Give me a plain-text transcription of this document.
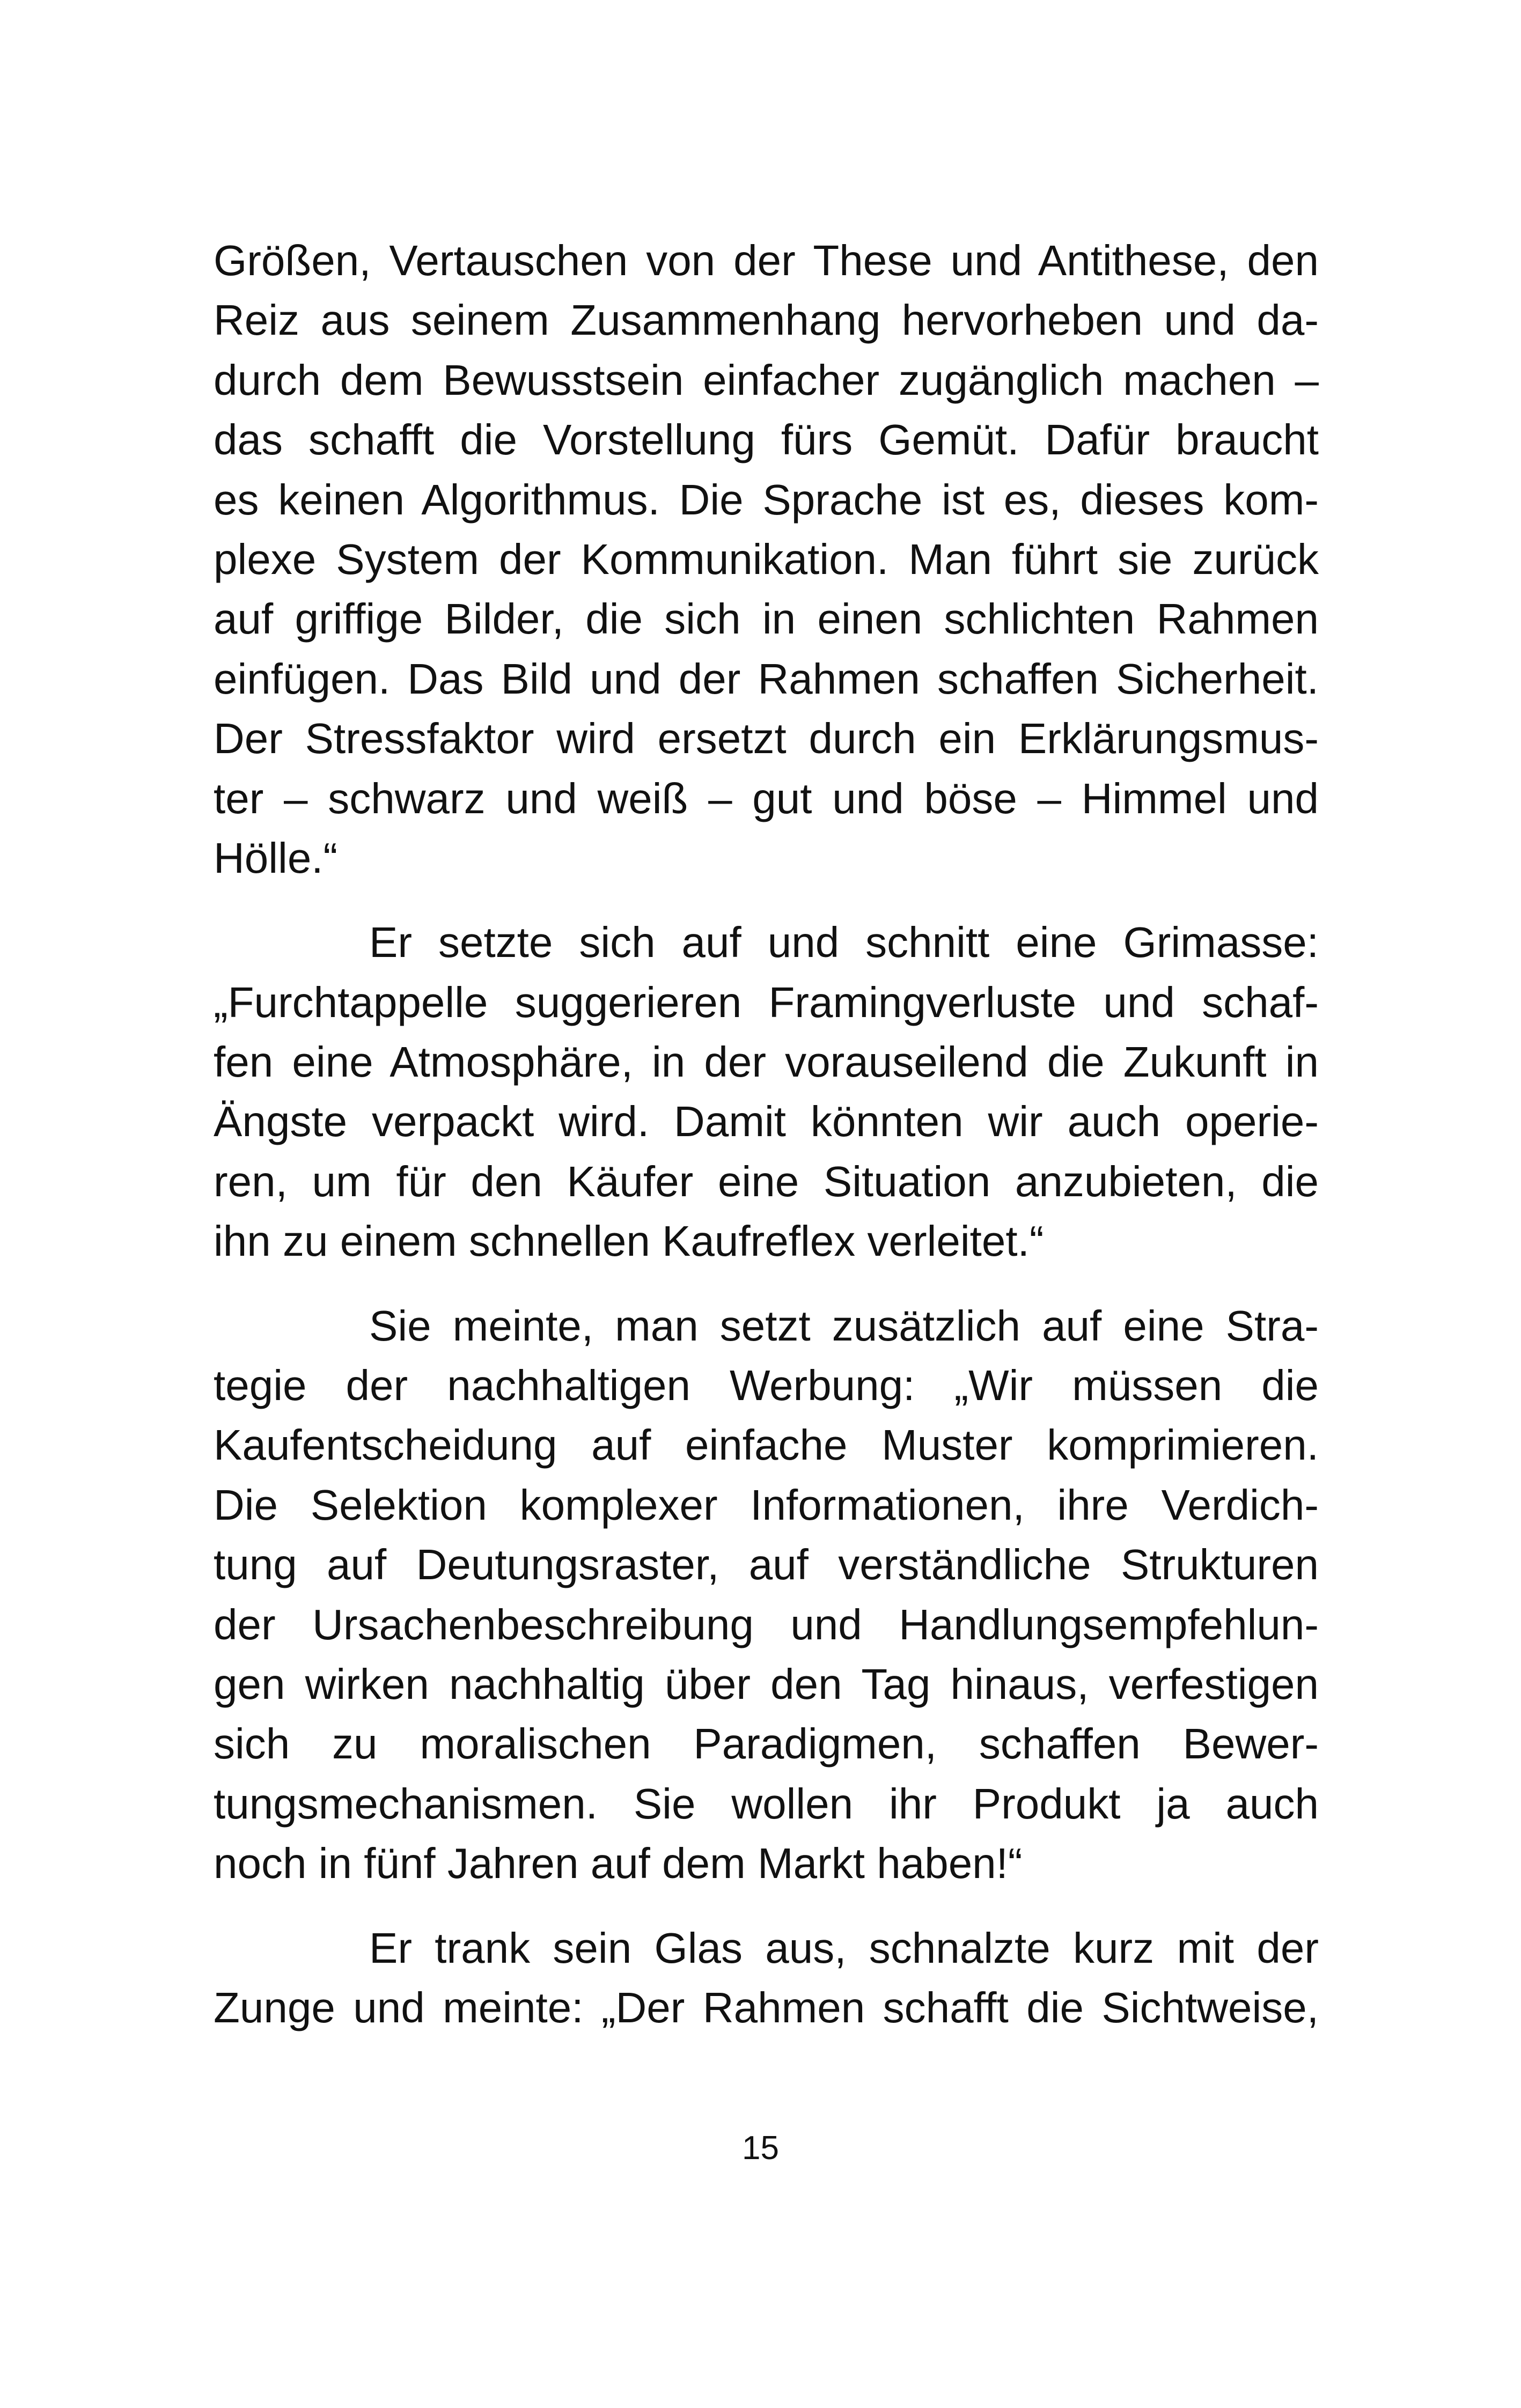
Größen, Vertauschen von der These und Antithese, den
Reiz aus seinem Zusammenhang hervorheben und da-
durch dem Bewusstsein einfacher zugänglich machen –
das schafft die Vorstellung fürs Gemüt. Dafür braucht
es keinen Algorithmus. Die Sprache ist es, dieses kom-
plexe System der Kommunikation. Man führt sie zurück
auf griffige Bilder, die sich in einen schlichten Rahmen
einfügen. Das Bild und der Rahmen schaffen Sicherheit.
Der Stressfaktor wird ersetzt durch ein Erklärungsmus-
ter – schwarz und weiß – gut und böse – Himmel und
Hölle.“
Er setzte sich auf und schnitt eine Grimasse:
„Furchtappelle suggerieren Framingverluste und schaf-
fen eine Atmosphäre, in der vorauseilend die Zukunft in
Ängste verpackt wird. Damit könnten wir auch operie-
ren, um für den Käufer eine Situation anzubieten, die
ihn zu einem schnellen Kaufreflex verleitet.“
Sie meinte, man setzt zusätzlich auf eine Stra-
tegie der nachhaltigen Werbung: „Wir müssen die
Kaufentscheidung auf einfache Muster komprimieren.
Die Selektion komplexer Informationen, ihre Verdich-
tung auf Deutungsraster, auf verständliche Strukturen
der Ursachenbeschreibung und Handlungsempfehlun-
gen wirken nachhaltig über den Tag hinaus, verfestigen
sich zu moralischen Paradigmen, schaffen Bewer-
tungsmechanismen. Sie wollen ihr Produkt ja auch
noch in fünf Jahren auf dem Markt haben!“
Er trank sein Glas aus, schnalzte kurz mit der
Zunge und meinte: „Der Rahmen schafft die Sichtweise,
15
